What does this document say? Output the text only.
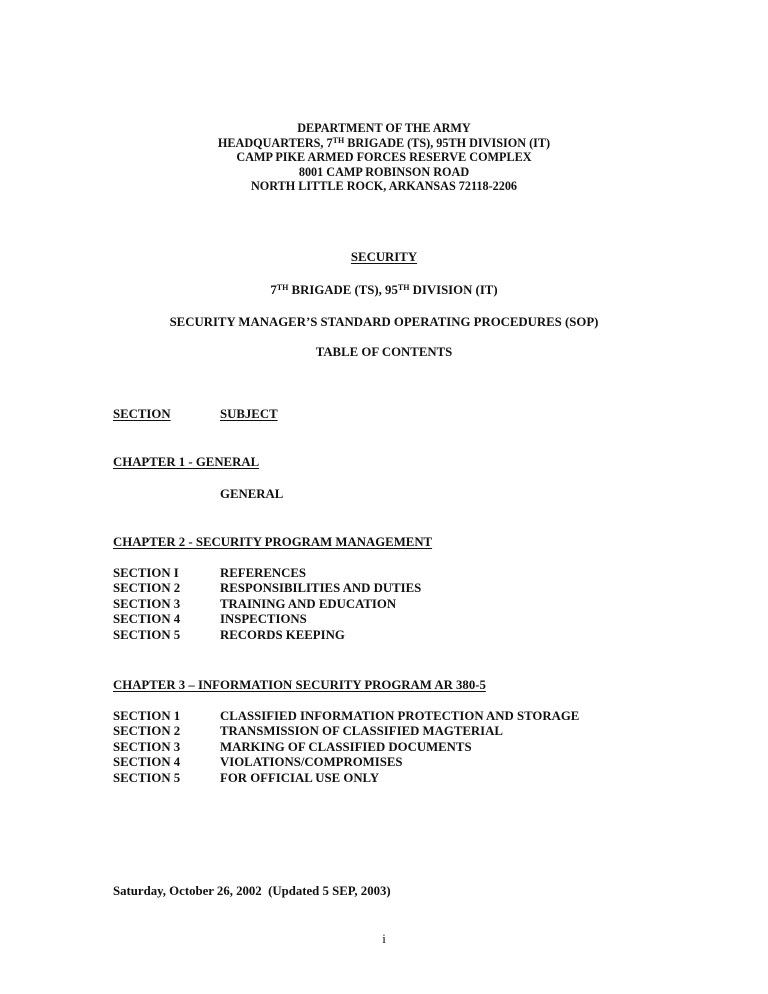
DEPARTMENT OF THE ARMY
HEADQUARTERS, 7TH BRIGADE (TS), 95TH DIVISION (IT)
CAMP PIKE ARMED FORCES RESERVE COMPLEX
8001 CAMP ROBINSON ROAD
NORTH LITTLE ROCK, ARKANSAS 72118-2206
SECURITY
7TH BRIGADE (TS), 95TH DIVISION (IT)
SECURITY MANAGER’S STANDARD OPERATING PROCEDURES (SOP)
TABLE OF CONTENTS
SECTION	SUBJECT
CHAPTER 1 - GENERAL
GENERAL
CHAPTER 2 - SECURITY PROGRAM MANAGEMENT
SECTION I	REFERENCES
SECTION 2	RESPONSIBILITIES AND DUTIES
SECTION 3	TRAINING AND EDUCATION
SECTION 4	INSPECTIONS
SECTION 5	RECORDS KEEPING
CHAPTER 3 – INFORMATION SECURITY PROGRAM AR 380-5
SECTION 1	CLASSIFIED INFORMATION PROTECTION AND STORAGE
SECTION 2	TRANSMISSION OF CLASSIFIED MAGTERIAL
SECTION 3	MARKING OF CLASSIFIED DOCUMENTS
SECTION 4	VIOLATIONS/COMPROMISES
SECTION 5	FOR OFFICIAL USE ONLY
Saturday, October 26, 2002  (Updated 5 SEP, 2003)
i
